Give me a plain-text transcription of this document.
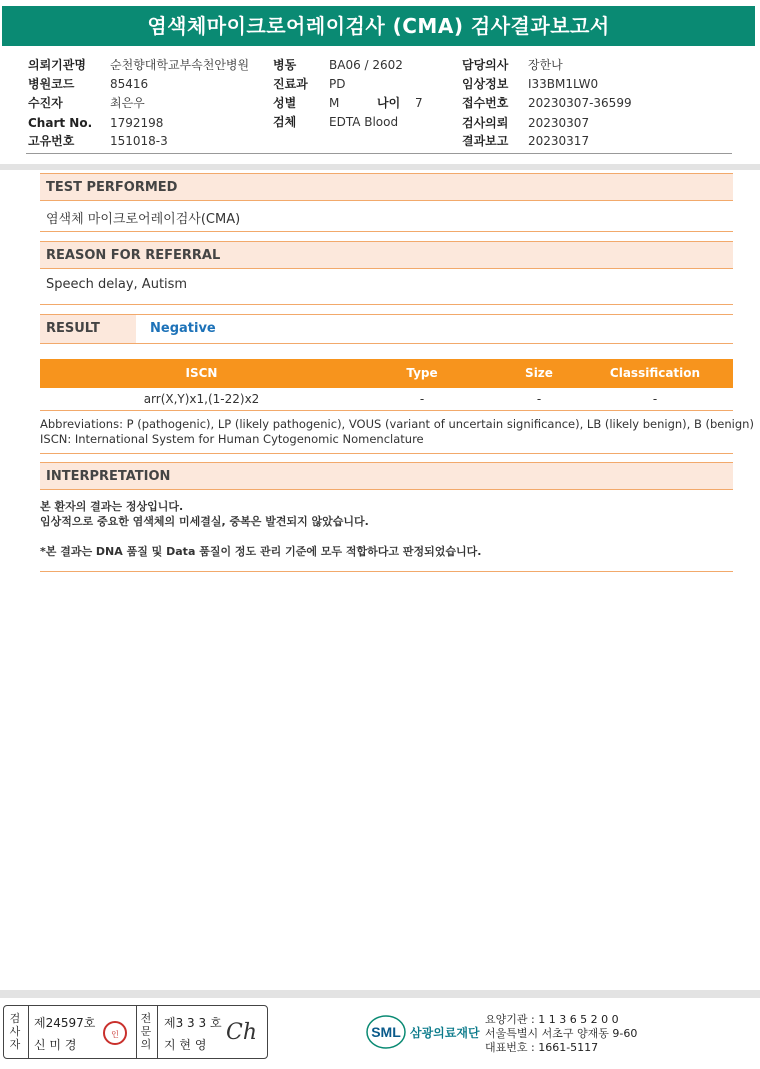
염색체마이크로어레이검사 (CMA) 검사결과보고서
의뢰기관명 순천향대학교부속천안병원
병원코드	85416
수진자	최은우
Chart No. 1792198
고유번호	151018-3
병동	BA06 / 2602
진료과 PD
성별	M	나이 7
검체	EDTA Blood
담당의사 장한나
임상정보 I33BM1LW0
접수번호 20230307-36599
검사의뢰 20230307
결과보고 20230317
TEST PERFORMED
염색체 마이크로어레이검사(CMA)
REASON FOR REFERRAL
Speech delay, Autism
RESULT	Negative
ISCN	Type	Size	Classification
arr(X,Y)x1,(1-22)x2	-	-	-
Abbreviations: P (pathogenic), LP (likely pathogenic), VOUS (variant of uncertain significance), LB (likely benign), B (benign)
ISCN: International System for Human Cytogenomic Nomenclature
INTERPRETATION
본 환자의 결과는 정상입니다.
임상적으로 중요한 염색체의 미세결실, 중복은 발견되지 않았습니다.
*본 결과는 DNA 품질 및 Data 품질이 정도 관리 기준에 모두 적합하다고 판정되었습니다.
검사자
제24597호
신 미 경
인
전문의
제3 3 3 호
지 현 영 Ch	SML 삼광의료재단
요양기관 : 1 1 3 6 5 2 0 0
서울특별시 서초구 양재동 9-60
대표번호 : 1661-5117
